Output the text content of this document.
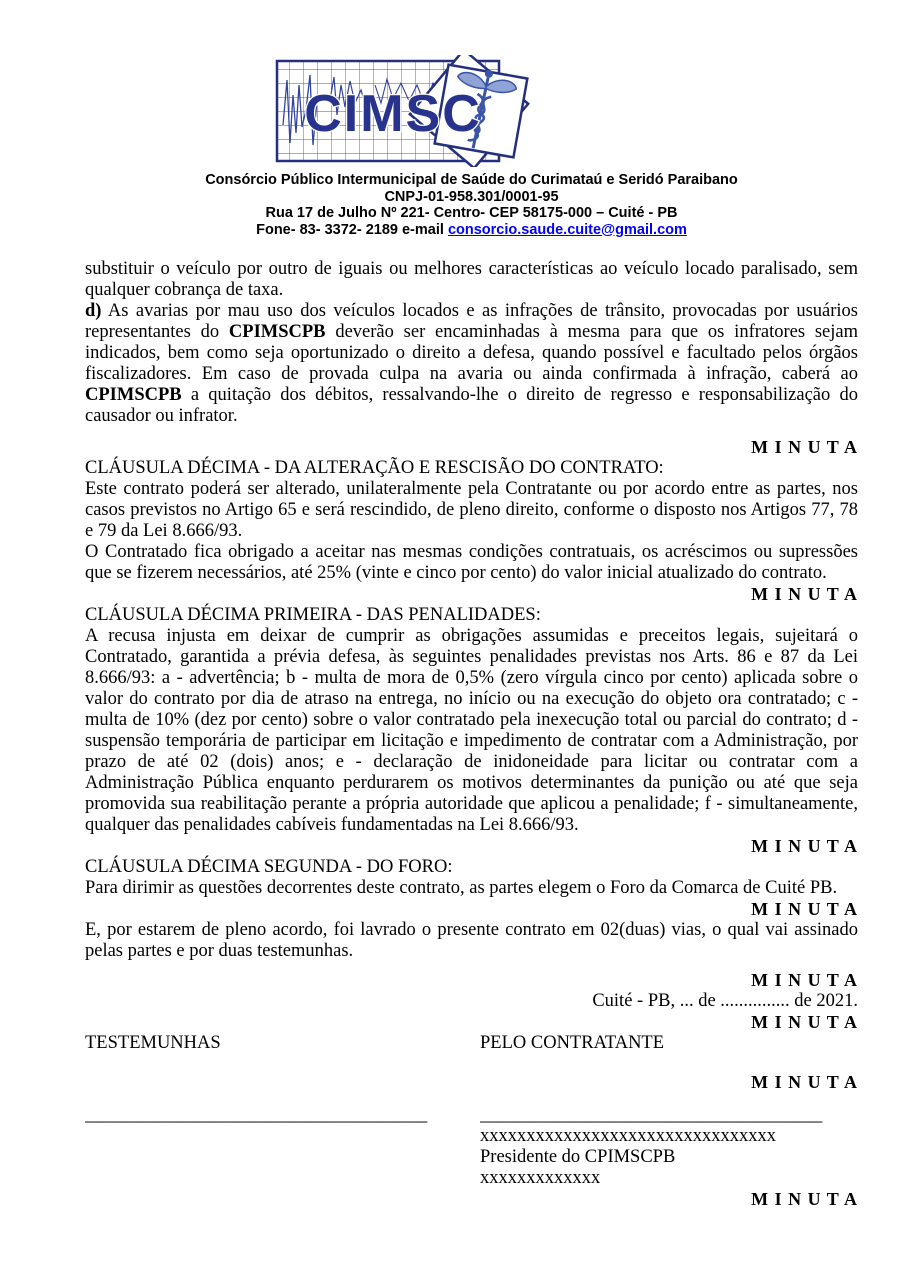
CIMSC
Consórcio Público Intermunicipal de Saúde do Curimataú e Seridó Paraibano
CNPJ-01-958.301/0001-95
Rua 17 de Julho Nº 221- Centro- CEP 58175-000 – Cuité - PB
Fone- 83- 3372- 2189 e-mail consorcio.saude.cuite@gmail.com

substituir o veículo por outro de iguais ou melhores características ao veículo locado paralisado, sem qualquer cobrança de taxa.

d) As avarias por mau uso dos veículos locados e as infrações de trânsito, provocadas por usuários representantes do CPIMSCPB deverão ser encaminhadas à mesma para que os infratores sejam indicados, bem como seja oportunizado o direito a defesa, quando possível e facultado pelos órgãos fiscalizadores. Em caso de provada culpa na avaria ou ainda confirmada à infração, caberá ao CPIMSCPB a quitação dos débitos, ressalvando-lhe o direito de regresso e responsabilização do causador ou infrator.

M I N U T A

CLÁUSULA DÉCIMA - DA ALTERAÇÃO E RESCISÃO DO CONTRATO:

Este contrato poderá ser alterado, unilateralmente pela Contratante ou por acordo entre as partes, nos casos previstos no Artigo 65 e será rescindido, de pleno direito, conforme o disposto nos Artigos 77, 78 e 79 da Lei 8.666/93.

O Contratado fica obrigado a aceitar nas mesmas condições contratuais, os acréscimos ou supressões que se fizerem necessários, até 25% (vinte e cinco por cento) do valor inicial atualizado do contrato.

M I N U T A

CLÁUSULA DÉCIMA PRIMEIRA - DAS PENALIDADES:

A recusa injusta em deixar de cumprir as obrigações assumidas e preceitos legais, sujeitará o Contratado, garantida a prévia defesa, às seguintes penalidades previstas nos Arts. 86 e 87 da Lei 8.666/93: a - advertência; b - multa de mora de 0,5% (zero vírgula cinco por cento) aplicada sobre o valor do contrato por dia de atraso na entrega, no início ou na execução do objeto ora contratado; c - multa de 10% (dez por cento) sobre o valor contratado pela inexecução total ou parcial do contrato; d - suspensão temporária de participar em licitação e impedimento de contratar com a Administração, por prazo de até 02 (dois) anos; e - declaração de inidoneidade para licitar ou contratar com a Administração Pública enquanto perdurarem os motivos determinantes da punição ou até que seja promovida sua reabilitação perante a própria autoridade que aplicou a penalidade; f - simultaneamente, qualquer das penalidades cabíveis fundamentadas na Lei 8.666/93.

M I N U T A

CLÁUSULA DÉCIMA SEGUNDA - DO FORO:

Para dirimir as questões decorrentes deste contrato, as partes elegem o Foro da Comarca de Cuité PB.

M I N U T A

E, por estarem de pleno acordo, foi lavrado o presente contrato em 02(duas) vias, o qual vai assinado pelas partes e por duas testemunhas.

M I N U T A

Cuité - PB, ... de ............... de 2021.

M I N U T A
TESTEMUNHAS	PELO CONTRATANTE
M I N U T A

_____________________________________	_____________________________________

xxxxxxxxxxxxxxxxxxxxxxxxxxxxxxxx

Presidente do CPIMSCPB

xxxxxxxxxxxxx

M I N U T A
